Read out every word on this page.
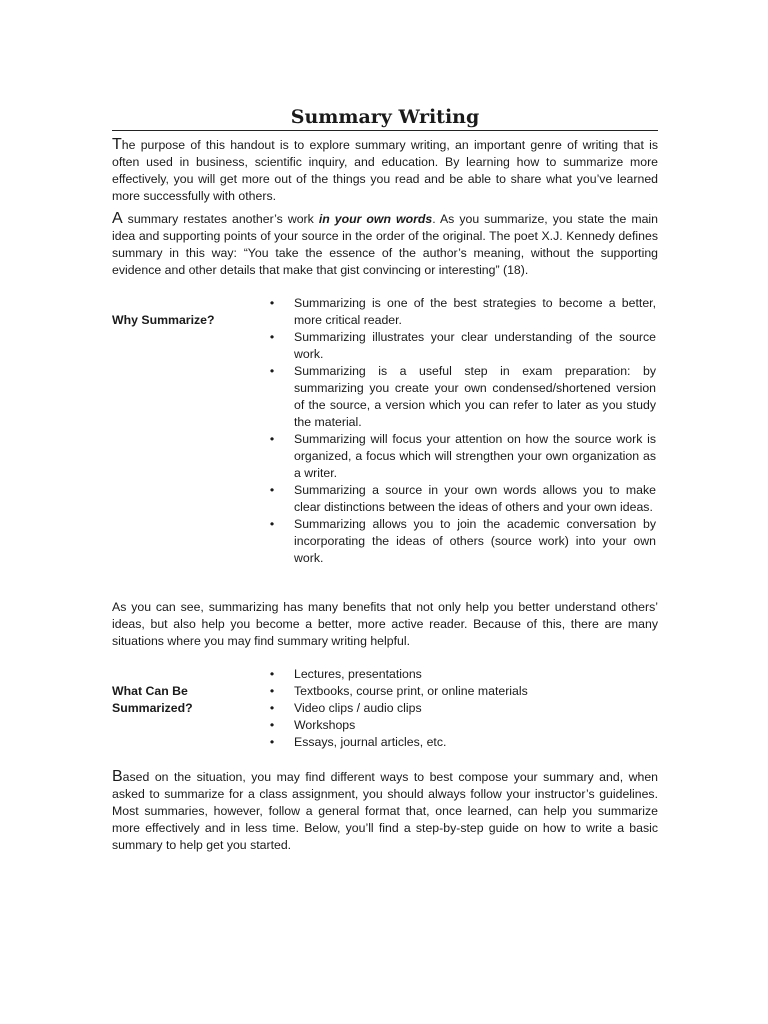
Summary Writing

The purpose of this handout is to explore summary writing, an important genre of writing that is often used in business, scientific inquiry, and education. By learning how to summarize more effectively, you will get more out of the things you read and be able to share what you’ve learned more successfully with others.

A summary restates another’s work in your own words. As you summarize, you state the main idea and supporting points of your source in the order of the original. The poet X.J. Kennedy defines summary in this way: “You take the essence of the author’s meaning, without the supporting evidence and other details that make that gist convincing or interesting” (18).

Why Summarize?

•	Summarizing is one of the best strategies to become a better, more critical reader.
•	Summarizing illustrates your clear understanding of the source work.
•	Summarizing is a useful step in exam preparation: by summarizing you create your own condensed/shortened version of the source, a version which you can refer to later as you study the material.
•	Summarizing will focus your attention on how the source work is organized, a focus which will strengthen your own organization as a writer.
•	Summarizing a source in your own words allows you to make clear distinctions between the ideas of others and your own ideas.
•	Summarizing allows you to join the academic conversation by incorporating the ideas of others (source work) into your own work.

As you can see, summarizing has many benefits that not only help you better understand others’ ideas, but also help you become a better, more active reader. Because of this, there are many situations where you may find summary writing helpful.

What Can Be Summarized?

•	Lectures, presentations
•	Textbooks, course print, or online materials
•	Video clips / audio clips
•	Workshops
•	Essays, journal articles, etc.

Based on the situation, you may find different ways to best compose your summary and, when asked to summarize for a class assignment, you should always follow your instructor’s guidelines. Most summaries, however, follow a general format that, once learned, can help you summarize more effectively and in less time. Below, you’ll find a step-by-step guide on how to write a basic summary to help get you started.
